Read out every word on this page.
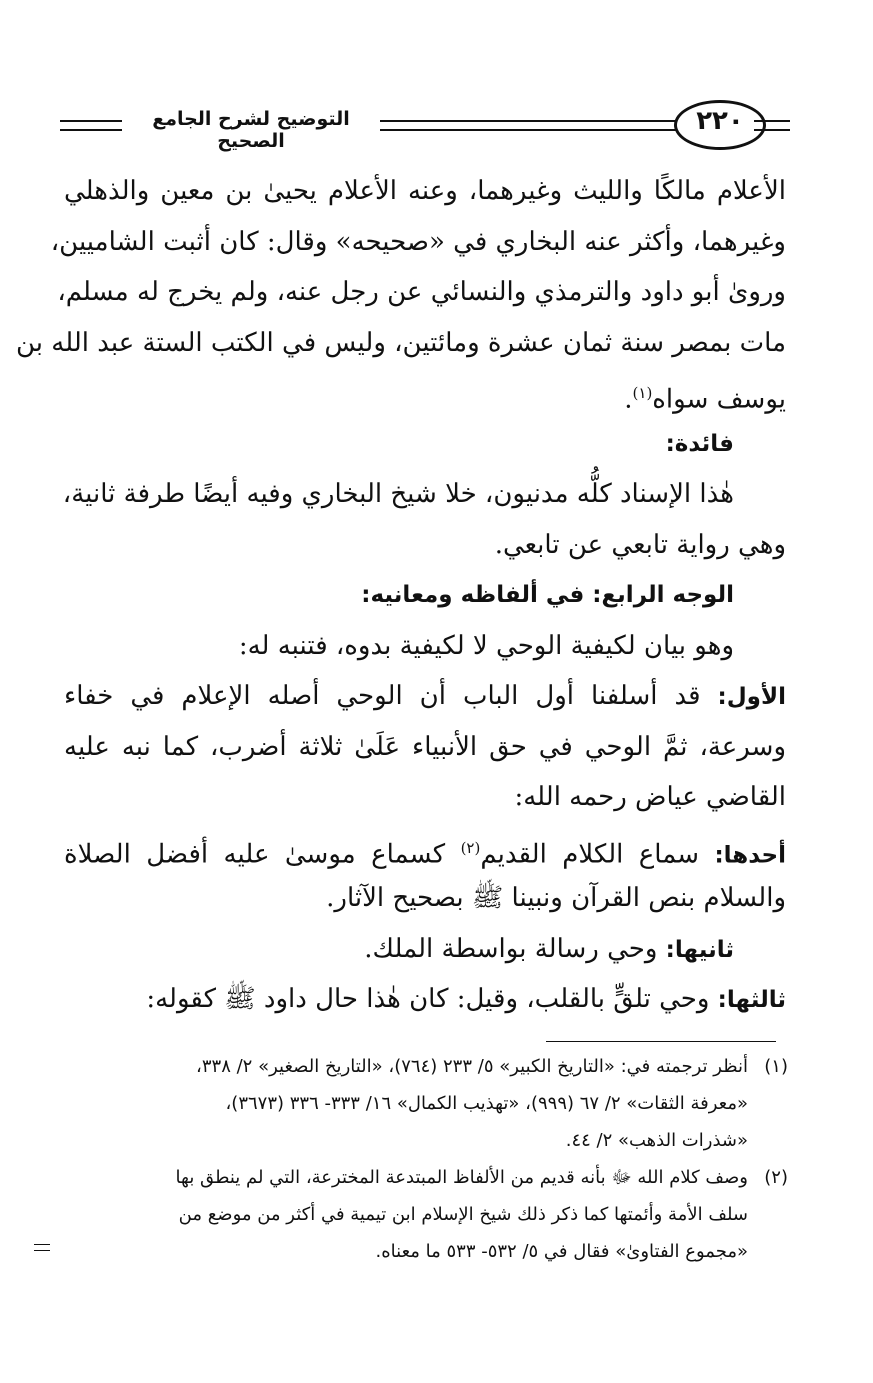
التوضيح لشرح الجامع الصحيح
٢٢٠
الأعلام مالكًا والليث وغيرهما، وعنه الأعلام يحيىٰ بن معين والذهلي
وغيرهما، وأكثر عنه البخاري في «صحيحه» وقال: كان أثبت الشاميين،
وروىٰ أبو داود والترمذي والنسائي عن رجل عنه، ولم يخرج له مسلم،
مات بمصر سنة ثمان عشرة ومائتين، وليس في الكتب الستة عبد الله بن
يوسف سواه$^{(١)}$.
فائدة:
هٰذا الإسناد كلُّه مدنيون، خلا شيخ البخاري وفيه أيضًا طرفة ثانية،
وهي رواية تابعي عن تابعي.
الوجه الرابع: في ألفاظه ومعانيه:
وهو بيان لكيفية الوحي لا لكيفية بدوه، فتنبه له:
الأول: قد أسلفنا أول الباب أن الوحي أصله الإعلام في خفاء
وسرعة، ثمَّ الوحي في حق الأنبياء عَلَىٰ ثلاثة أضرب، كما نبه عليه
القاضي عياض رحمه الله:
أحدها: سماع الكلام القديم$^{(٢)}$ كسماع موسىٰ عليه أفضل الصلاة
والسلام بنص القرآن ونبينا ﷺ بصحيح الآثار.
ثانيها: وحي رسالة بواسطة الملك.
ثالثها: وحي تلقٍّ بالقلب، وقيل: كان هٰذا حال داود ﷺ كقوله:
(١)أنظر ترجمته في: «التاريخ الكبير» ٥/ ٢٣٣ (٧٦٤)، «التاريخ الصغير» ٢/ ٣٣٨،
«معرفة الثقات» ٢/ ٦٧ (٩٩٩)، «تهذيب الكمال» ١٦/ ٣٣٣- ٣٣٦ (٣٦٧٣)،
«شذرات الذهب» ٢/ ٤٤.
(٢)وصف كلام الله ﷻ بأنه قديم من الألفاظ المبتدعة المخترعة، التي لم ينطق بها
سلف الأمة وأئمتها كما ذكر ذلك شيخ الإسلام ابن تيمية في أكثر من موضع من
«مجموع الفتاوىٰ» فقال في ٥/ ٥٣٢- ٥٣٣ ما معناه.
